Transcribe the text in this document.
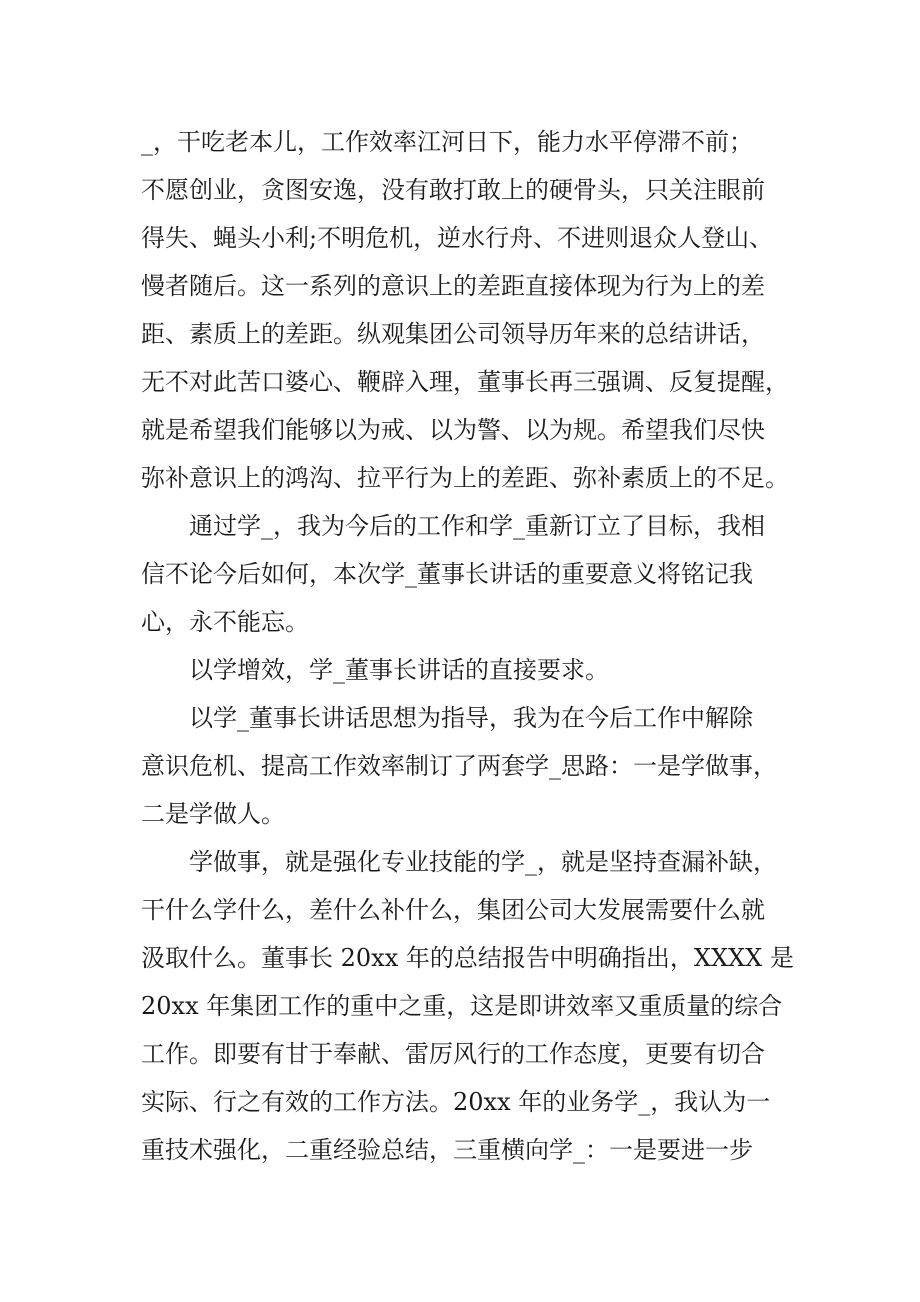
_，干吃老本儿，工作效率江河日下，能力水平停滞不前；
不愿创业，贪图安逸，没有敢打敢上的硬骨头，只关注眼前
得失、蝇头小利;不明危机，逆水行舟、不进则退众人登山、
慢者随后。这一系列的意识上的差距直接体现为行为上的差
距、素质上的差距。纵观集团公司领导历年来的总结讲话，
无不对此苦口婆心、鞭辟入理，董事长再三强调、反复提醒，
就是希望我们能够以为戒、以为警、以为规。希望我们尽快
弥补意识上的鸿沟、拉平行为上的差距、弥补素质上的不足。
通过学_，我为今后的工作和学_重新订立了目标，我相
信不论今后如何，本次学_董事长讲话的重要意义将铭记我
心，永不能忘。
以学增效，学_董事长讲话的直接要求。
以学_董事长讲话思想为指导，我为在今后工作中解除
意识危机、提高工作效率制订了两套学_思路：一是学做事，
二是学做人。
学做事，就是强化专业技能的学_，就是坚持查漏补缺，
干什么学什么，差什么补什么，集团公司大发展需要什么就
汲取什么。董事长 20xx 年的总结报告中明确指出，XXXX 是
20xx 年集团工作的重中之重，这是即讲效率又重质量的综合
工作。即要有甘于奉献、雷厉风行的工作态度，更要有切合
实际、行之有效的工作方法。20xx 年的业务学_，我认为一
重技术强化，二重经验总结，三重横向学_：一是要进一步
